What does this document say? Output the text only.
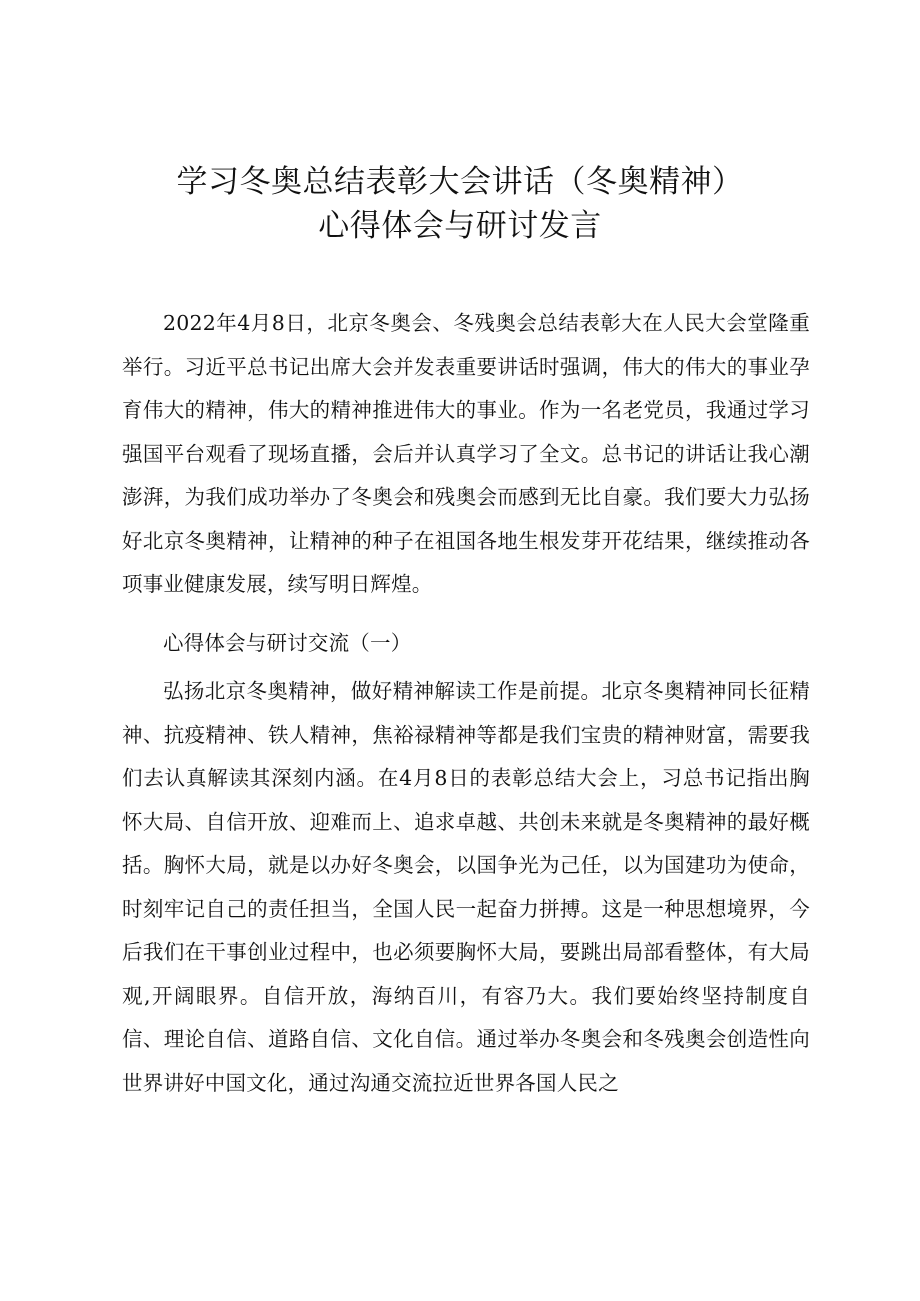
学习冬奥总结表彰大会讲话（冬奥精神）
心得体会与研讨发言

2022年4月8日，北京冬奥会、冬残奥会总结表彰大在人民大会堂隆重举行。习近平总书记出席大会并发表重要讲话时强调，伟大的伟大的事业孕育伟大的精神，伟大的精神推进伟大的事业。作为一名老党员，我通过学习强国平台观看了现场直播，会后并认真学习了全文。总书记的讲话让我心潮澎湃，为我们成功举办了冬奥会和残奥会而感到无比自豪。我们要大力弘扬好北京冬奥精神，让精神的种子在祖国各地生根发芽开花结果，继续推动各项事业健康发展，续写明日辉煌。

心得体会与研讨交流（一）

弘扬北京冬奥精神，做好精神解读工作是前提。北京冬奥精神同长征精神、抗疫精神、铁人精神，焦裕禄精神等都是我们宝贵的精神财富，需要我们去认真解读其深刻内涵。在4月8日的表彰总结大会上，习总书记指出胸怀大局、自信开放、迎难而上、追求卓越、共创未来就是冬奥精神的最好概括。胸怀大局，就是以办好冬奥会，以国争光为己任，以为国建功为使命，时刻牢记自己的责任担当，全国人民一起奋力拼搏。这是一种思想境界，今后我们在干事创业过程中，也必须要胸怀大局，要跳出局部看整体，有大局观,开阔眼界。自信开放，海纳百川，有容乃大。我们要始终坚持制度自信、理论自信、道路自信、文化自信。通过举办冬奥会和冬残奥会创造性向世界讲好中国文化，通过沟通交流拉近世界各国人民之
